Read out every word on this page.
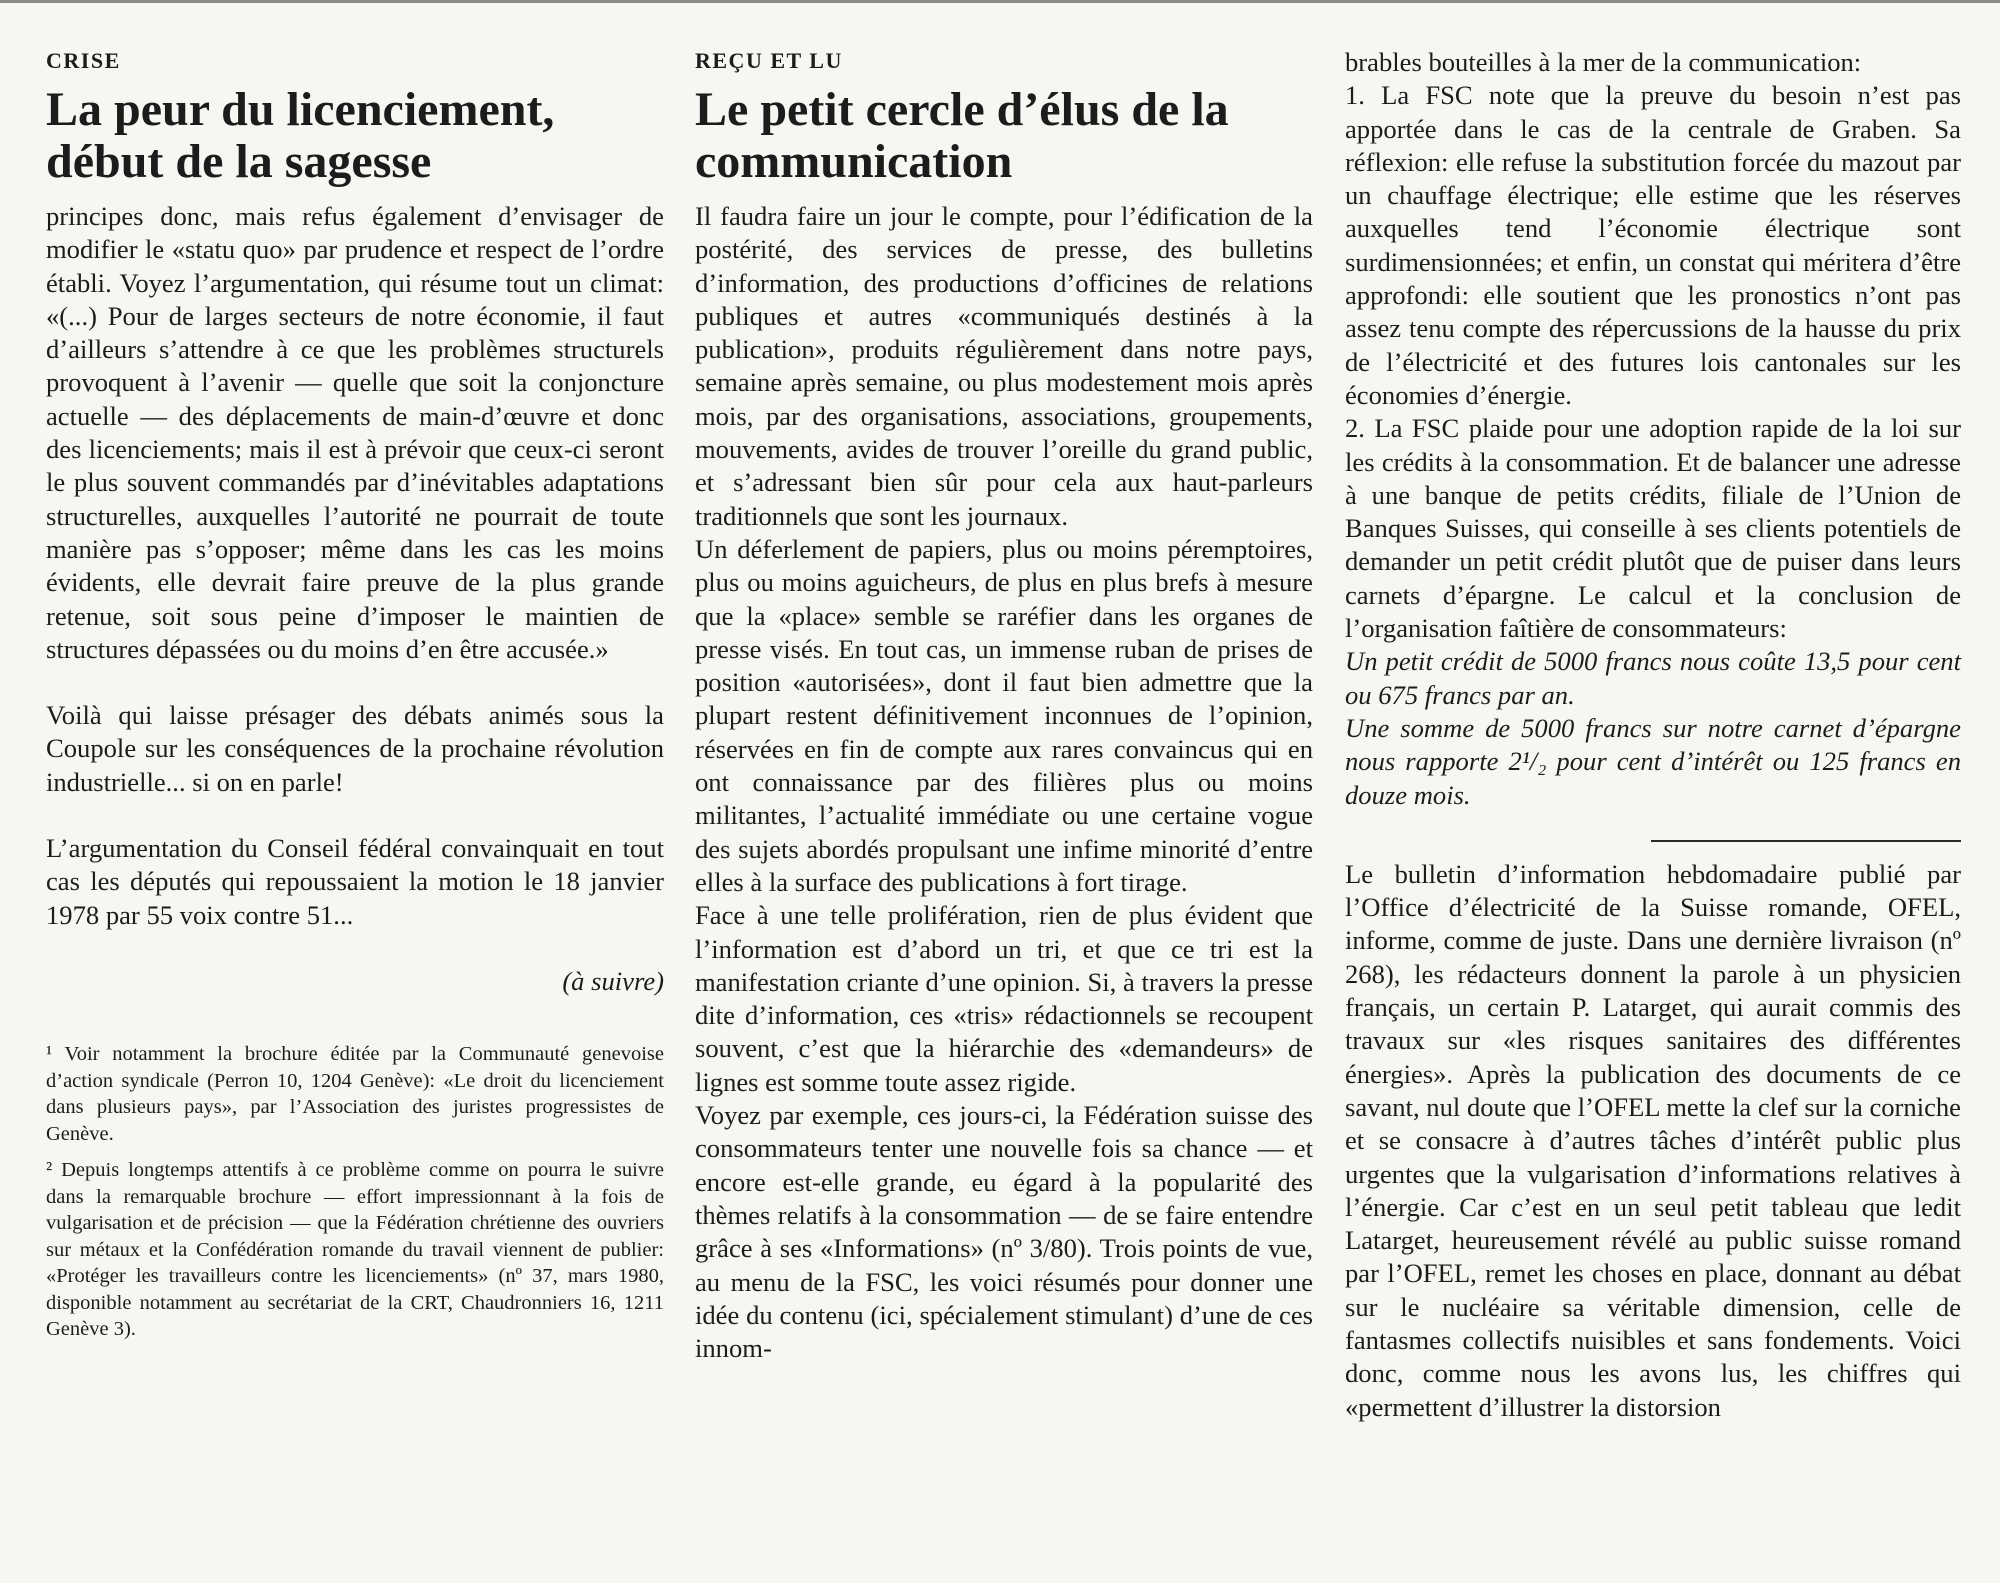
CRISE
La peur du licenciement, début de la sagesse

principes donc, mais refus également d’envisager de modifier le «statu quo» par prudence et respect de l’ordre établi. Voyez l’argumentation, qui résume tout un climat: «(...) Pour de larges secteurs de notre économie, il faut d’ailleurs s’attendre à ce que les problèmes structurels provoquent à l’avenir — quelle que soit la conjoncture actuelle — des déplacements de main-d’œuvre et donc des licenciements; mais il est à prévoir que ceux-ci seront le plus souvent commandés par d’inévitables adaptations structurelles, auxquelles l’autorité ne pourrait de toute manière pas s’opposer; même dans les cas les moins évidents, elle devrait faire preuve de la plus grande retenue, soit sous peine d’imposer le maintien de structures dépassées ou du moins d’en être accusée.»

Voilà qui laisse présager des débats animés sous la Coupole sur les conséquences de la prochaine révolution industrielle... si on en parle!

L’argumentation du Conseil fédéral convainquait en tout cas les députés qui repoussaient la motion le 18 janvier 1978 par 55 voix contre 51...

(à suivre)

¹ Voir notamment la brochure éditée par la Communauté genevoise d’action syndicale (Perron 10, 1204 Genève): «Le droit du licenciement dans plusieurs pays», par l’Association des juristes progressistes de Genève.

² Depuis longtemps attentifs à ce problème comme on pourra le suivre dans la remarquable brochure — effort impressionnant à la fois de vulgarisation et de précision — que la Fédération chrétienne des ouvriers sur métaux et la Confédération romande du travail viennent de publier: «Protéger les travailleurs contre les licenciements» (nº 37, mars 1980, disponible notamment au secrétariat de la CRT, Chaudronniers 16, 1211 Genève 3).

REÇU ET LU
Le petit cercle d’élus de la communication

Il faudra faire un jour le compte, pour l’édification de la postérité, des services de presse, des bulletins d’information, des productions d’officines de relations publiques et autres «communiqués destinés à la publication», produits régulièrement dans notre pays, semaine après semaine, ou plus modestement mois après mois, par des organisations, associations, groupements, mouvements, avides de trouver l’oreille du grand public, et s’adressant bien sûr pour cela aux haut-parleurs traditionnels que sont les journaux.

Un déferlement de papiers, plus ou moins péremptoires, plus ou moins aguicheurs, de plus en plus brefs à mesure que la «place» semble se raréfier dans les organes de presse visés. En tout cas, un immense ruban de prises de position «autorisées», dont il faut bien admettre que la plupart restent définitivement inconnues de l’opinion, réservées en fin de compte aux rares convaincus qui en ont connaissance par des filières plus ou moins militantes, l’actualité immédiate ou une certaine vogue des sujets abordés propulsant une infime minorité d’entre elles à la surface des publications à fort tirage.

Face à une telle prolifération, rien de plus évident que l’information est d’abord un tri, et que ce tri est la manifestation criante d’une opinion. Si, à travers la presse dite d’information, ces «tris» rédactionnels se recoupent souvent, c’est que la hiérarchie des «demandeurs» de lignes est somme toute assez rigide.

Voyez par exemple, ces jours-ci, la Fédération suisse des consommateurs tenter une nouvelle fois sa chance — et encore est-elle grande, eu égard à la popularité des thèmes relatifs à la consommation — de se faire entendre grâce à ses «Informations» (nº 3/80). Trois points de vue, au menu de la FSC, les voici résumés pour donner une idée du contenu (ici, spécialement stimulant) d’une de ces innom-

brables bouteilles à la mer de la communication:

1. La FSC note que la preuve du besoin n’est pas apportée dans le cas de la centrale de Graben. Sa réflexion: elle refuse la substitution forcée du mazout par un chauffage électrique; elle estime que les réserves auxquelles tend l’économie électrique sont surdimensionnées; et enfin, un constat qui méritera d’être approfondi: elle soutient que les pronostics n’ont pas assez tenu compte des répercussions de la hausse du prix de l’électricité et des futures lois cantonales sur les économies d’énergie.

2. La FSC plaide pour une adoption rapide de la loi sur les crédits à la consommation. Et de balancer une adresse à une banque de petits crédits, filiale de l’Union de Banques Suisses, qui conseille à ses clients potentiels de demander un petit crédit plutôt que de puiser dans leurs carnets d’épargne. Le calcul et la conclusion de l’organisation faîtière de consommateurs:

Un petit crédit de 5000 francs nous coûte 13,5 pour cent ou 675 francs par an.

Une somme de 5000 francs sur notre carnet d’épargne nous rapporte 2¹/₂ pour cent d’intérêt ou 125 francs en douze mois.

Le bulletin d’information hebdomadaire publié par l’Office d’électricité de la Suisse romande, OFEL, informe, comme de juste. Dans une dernière livraison (nº 268), les rédacteurs donnent la parole à un physicien français, un certain P. Latarget, qui aurait commis des travaux sur «les risques sanitaires des différentes énergies». Après la publication des documents de ce savant, nul doute que l’OFEL mette la clef sur la corniche et se consacre à d’autres tâches d’intérêt public plus urgentes que la vulgarisation d’informations relatives à l’énergie. Car c’est en un seul petit tableau que ledit Latarget, heureusement révélé au public suisse romand par l’OFEL, remet les choses en place, donnant au débat sur le nucléaire sa véritable dimension, celle de fantasmes collectifs nuisibles et sans fondements. Voici donc, comme nous les avons lus, les chiffres qui «permettent d’illustrer la distorsion
